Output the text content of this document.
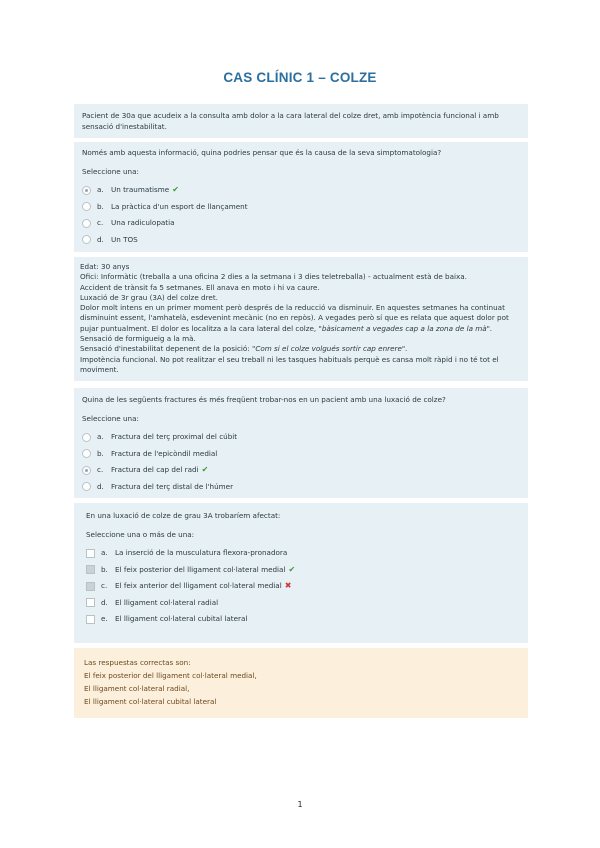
CAS CLÍNIC 1 – COLZE
Pacient de 30a que acudeix a la consulta amb dolor a la cara lateral del colze dret, amb impotència funcional i amb sensació d'inestabilitat.
Només amb aquesta informació, quina podries pensar que és la causa de la seva simptomatologia?
Seleccione una:
a.	Un traumatisme ✔
b. La pràctica d'un esport de llançament
c.	Una radiculopatia
d. Un TOS

Edat: 30 anys

Ofici: Informàtic (treballa a una oficina 2 dies a la setmana i 3 dies teletreballa) - actualment està de baixa.

Accident de trànsit fa 5 setmanes. Ell anava en moto i hi va caure.

Luxació de 3r grau (3A) del colze dret.

Dolor molt intens en un primer moment però després de la reducció va disminuir. En aquestes setmanes ha continuat disminuint essent, l'amhatelà, esdevenint mecànic (no en repòs). A vegades però sí que es relata que aquest dolor pot pujar puntualment. El dolor es localitza a la cara lateral del colze, "bàsicament a vegades cap a la zona de la mà".

Sensació de formigueig a la mà.

Sensació d'inestabilitat depenent de la posició: "Com si el colze volgués sortir cap enrere".

Impotència funcional. No pot realitzar el seu treball ni les tasques habituals perquè es cansa molt ràpid i no té tot el moviment.

Quina de les següents fractures és més freqüent trobar-nos en un pacient amb una luxació de colze?
Seleccione una:
a.	Fractura del terç proximal del cúbit
b. Fractura de l'epicòndil medial
c.	Fractura del cap del radi ✔
d. Fractura del terç distal de l'húmer
En una luxació de colze de grau 3A trobaríem afectat:
Seleccione una o más de una:
a.	La inserció de la musculatura flexora-pronadora
b. El feix posterior del lligament col·lateral medial ✔
c.	El feix anterior del lligament col·lateral medial ✖
d. El lligament col·lateral radial
e.	El lligament col·lateral cubital lateral
Las respuestas correctas son:
El feix posterior del lligament col·lateral medial,
El lligament col·lateral radial,
El lligament col·lateral cubital lateral
1
